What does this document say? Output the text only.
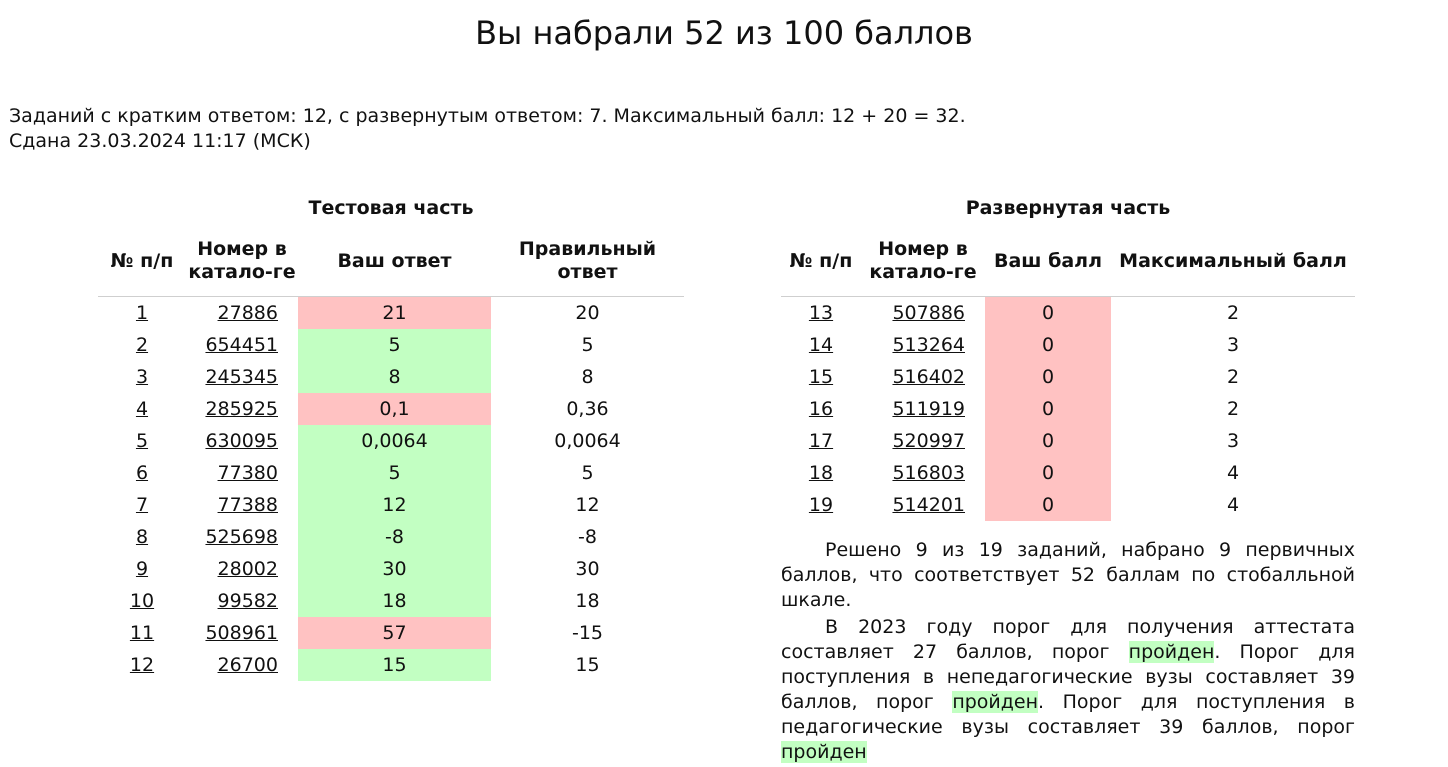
Вы набрали 52 из 100 баллов
Заданий с кратким ответом: 12, с развернутым ответом: 7. Максимальный балл: 12 + 20 = 32.
Сдана 23.03.2024 11:17 (МСК)
Тестовая часть			
№ п/п	Номер в катало-ге	Ваш ответ	Правильный ответ
1	27886	21	20
2	654451	5	5
3	245345	8	8
4	285925	0,1	0,36
5	630095	0,0064	0,0064
6	77380	5	5
7	77388	12	12
8	525698	-8	-8
9	28002	30	30
10	99582	18	18
11	508961	57	-15
12	26700	15	15
Развернутая часть			
№ п/п	Номер в катало-ге	Ваш балл	Максимальный балл
13	507886	0	2
14	513264	0	3
15	516402	0	2
16	511919	0	2
17	520997	0	3
18	516803	0	4
19	514201	0	4

Решено 9 из 19 заданий, набрано 9 первичных баллов, что соответствует 52 баллам по стобалльной шкале.

В 2023 году порог для получения аттестата составляет 27 баллов, порог пройден. Порог для поступления в непедагогические вузы составляет 39 баллов, порог пройден. Порог для поступления в педагогические вузы составляет 39 баллов, порог пройден
